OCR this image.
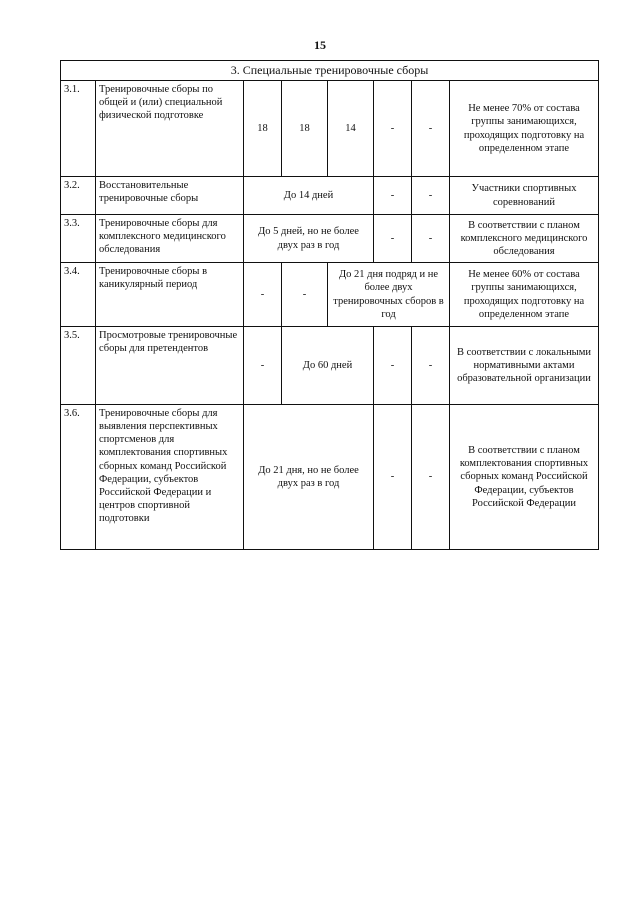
15
3. Специальные тренировочные сборы							
3.1.	Тренировочные сборы по общей и (или) специальной физической подготовке	18	18	14	-	-	Не менее 70% от состава группы занимающихся, проходящих подготовку на определенном этапе
3.2.	Восстановительные тренировочные сборы	До 14 дней			-	-	Участники спортивных соревнований
3.3.	Тренировочные сборы для комплексного медицинского обследования	До 5 дней, но не более двух раз в год			-	-	В соответствии с планом комплексного медицинского обследования
3.4.	Тренировочные сборы в каникулярный период	-	-	До 21 дня подряд и не более двух тренировочных сборов в год			Не менее 60% от состава группы занимающихся, проходящих подготовку на определенном этапе
3.5.	Просмотровые тренировочные сборы для претендентов	-	До 60 дней		-	-	В соответствии с локальными нормативными актами образовательной организации
3.6.	Тренировочные сборы для выявления перспективных спортсменов для комплектования спортивных сборных команд Российской Федерации, субъектов Российской Федерации и центров спортивной подготовки	До 21 дня, но не более двух раз в год			-	-	В соответствии с планом комплектования спортивных сборных команд Российской Федерации, субъектов Российской Федерации
